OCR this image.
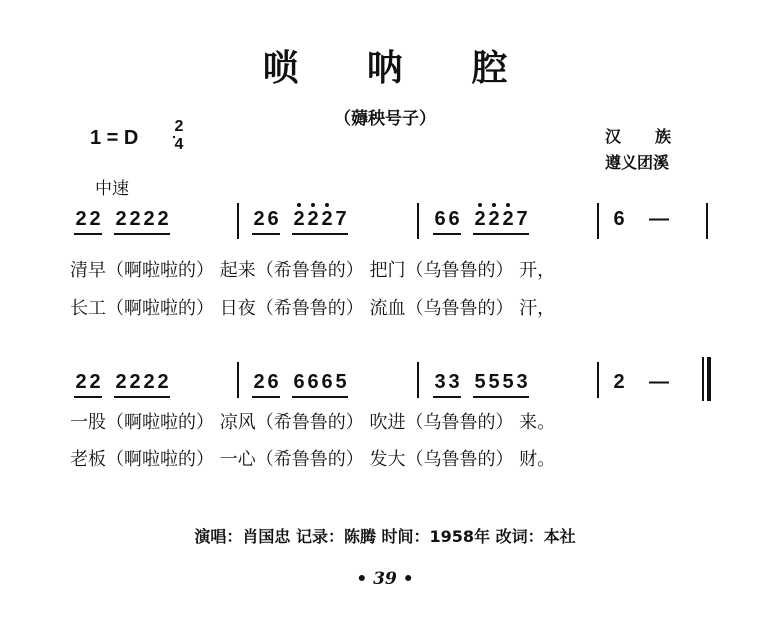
唢 呐 腔
（薅秧号子）
1 = D
2
4
中速
汉族
遵义团溪
2 2 2 2 2 2	2 6 2 2 2 7	6 6 2 2 2 7	6 —
清早（啊啦啦的） 起来（希鲁鲁的） 把门（乌鲁鲁的） 开，
长工（啊啦啦的） 日夜（希鲁鲁的） 流血（乌鲁鲁的） 汗，
2 2 2 2 2 2	2 6 6 6 6 5	3 3 5 5 5 3	2 —
一股（啊啦啦的） 凉风（希鲁鲁的） 吹进（乌鲁鲁的） 来。
老板（啊啦啦的） 一心（希鲁鲁的） 发大（乌鲁鲁的） 财。
演唱：肖国忠 记录：陈腾 时间：1958年 改词：本社
• 39 •
